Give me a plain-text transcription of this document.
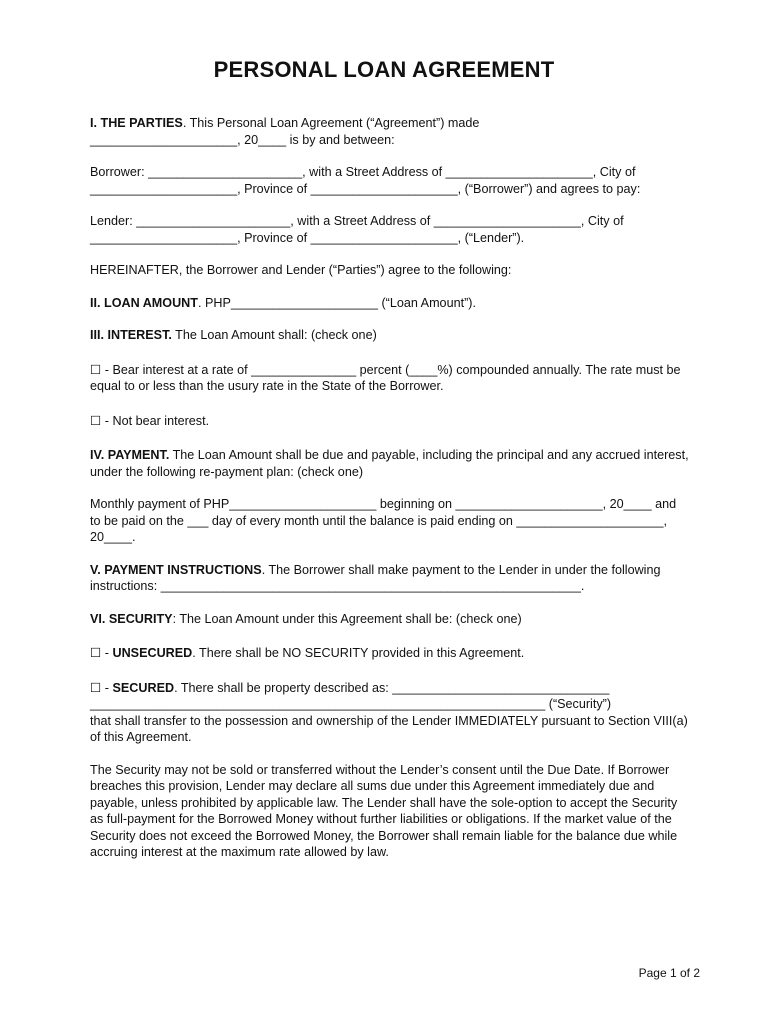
PERSONAL LOAN AGREEMENT

I. THE PARTIES. This Personal Loan Agreement (“Agreement”) made

_____________________, 20____ is by and between:

Borrower: ______________________, with a Street Address of _____________________, City of _____________________, Province of _____________________, (“Borrower”) and agrees to pay:

Lender: ______________________, with a Street Address of _____________________, City of _____________________, Province of _____________________, (“Lender”).

HEREINAFTER, the Borrower and Lender (“Parties”) agree to the following:

II. LOAN AMOUNT. PHP_____________________ (“Loan Amount”).

III. INTEREST. The Loan Amount shall: (check one)

☐ - Bear interest at a rate of _______________ percent (____%) compounded annually. The rate must be equal to or less than the usury rate in the State of the Borrower.

☐ - Not bear interest.

IV. PAYMENT. The Loan Amount shall be due and payable, including the principal and any accrued interest, under the following re-payment plan: (check one)

Monthly payment of PHP_____________________ beginning on _____________________, 20____ and to be paid on the ___ day of every month until the balance is paid ending on _____________________, 20____.

V. PAYMENT INSTRUCTIONS. The Borrower shall make payment to the Lender in under the following instructions: ____________________________________________________________.

VI. SECURITY: The Loan Amount under this Agreement shall be: (check one)

☐ - UNSECURED. There shall be NO SECURITY provided in this Agreement.

☐ - SECURED. There shall be property described as: _______________________________ _________________________________________________________________ (“Security”)

that shall transfer to the possession and ownership of the Lender IMMEDIATELY pursuant to Section VIII(a) of this Agreement.

The Security may not be sold or transferred without the Lender’s consent until the Due Date. If Borrower breaches this provision, Lender may declare all sums due under this Agreement immediately due and payable, unless prohibited by applicable law. The Lender shall have the sole-option to accept the Security as full-payment for the Borrowed Money without further liabilities or obligations. If the market value of the Security does not exceed the Borrowed Money, the Borrower shall remain liable for the balance due while accruing interest at the maximum rate allowed by law.

Page 1 of 2
